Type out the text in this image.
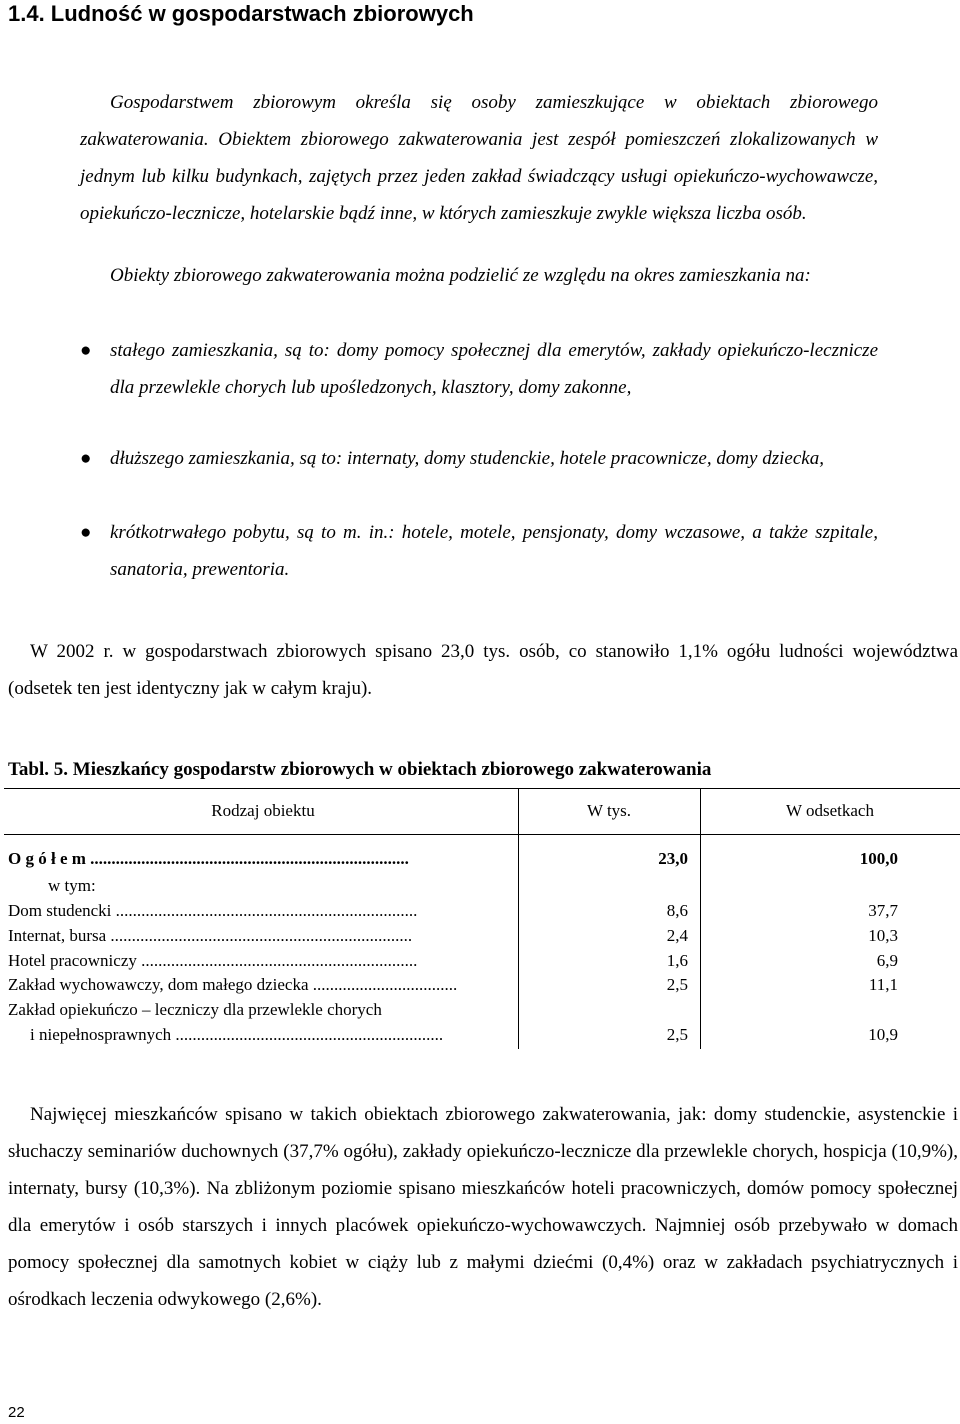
1.4. Ludność w gospodarstwach zbiorowych
Gospodarstwem zbiorowym określa się osoby zamieszkujące w obiektach zbiorowego zakwaterowania. Obiektem zbiorowego zakwaterowania jest zespół pomieszczeń zlokalizowanych w jednym lub kilku budynkach, zajętych przez jeden zakład świadczący usługi opiekuńczo-wychowawcze, opiekuńczo-lecznicze, hotelarskie bądź inne, w których zamieszkuje zwykle większa liczba osób.
Obiekty zbiorowego zakwaterowania można podzielić ze względu na okres zamieszkania na:
● stałego zamieszkania, są to: domy pomocy społecznej dla emerytów, zakłady opiekuńczo-lecznicze dla przewlekle chorych lub upośledzonych, klasztory, domy zakonne,
● dłuższego zamieszkania, są to: internaty, domy studenckie, hotele pracownicze, domy dziecka,
● krótkotrwałego pobytu, są to m. in.: hotele, motele, pensjonaty, domy wczasowe, a także szpitale, sanatoria, prewentoria.
W 2002 r. w gospodarstwach zbiorowych spisano 23,0 tys. osób, co stanowiło 1,1% ogółu ludności województwa (odsetek ten jest identyczny jak w całym kraju).
Tabl. 5. Mieszkańcy gospodarstw zbiorowych w obiektach zbiorowego zakwaterowania
Rodzaj obiektu	W tys.	W odsetkach
O g ó ł e m ...........................................................................	23,0	100,0
w tym:
Dom studencki .......................................................................	8,6	37,7
Internat, bursa .......................................................................	2,4	10,3
Hotel pracowniczy .................................................................	1,6	6,9
Zakład wychowawczy, dom małego dziecka ..................................	2,5	11,1
Zakład opiekuńczo – leczniczy dla przewlekle chorych
i niepełnosprawnych ...............................................................	2,5	10,9
Najwięcej mieszkańców spisano w takich obiektach zbiorowego zakwaterowania, jak: domy studenckie, asystenckie i słuchaczy seminariów duchownych (37,7% ogółu), zakłady opiekuńczo-lecznicze dla przewlekle chorych, hospicja (10,9%), internaty, bursy (10,3%). Na zbliżonym poziomie spisano mieszkańców hoteli pracowniczych, domów pomocy społecznej dla emerytów i osób starszych i innych placówek opiekuńczo-wychowawczych. Najmniej osób przebywało w domach pomocy społecznej dla samotnych kobiet w ciąży lub z małymi dziećmi (0,4%) oraz w zakładach psychiatrycznych i ośrodkach leczenia odwykowego (2,6%).
22
